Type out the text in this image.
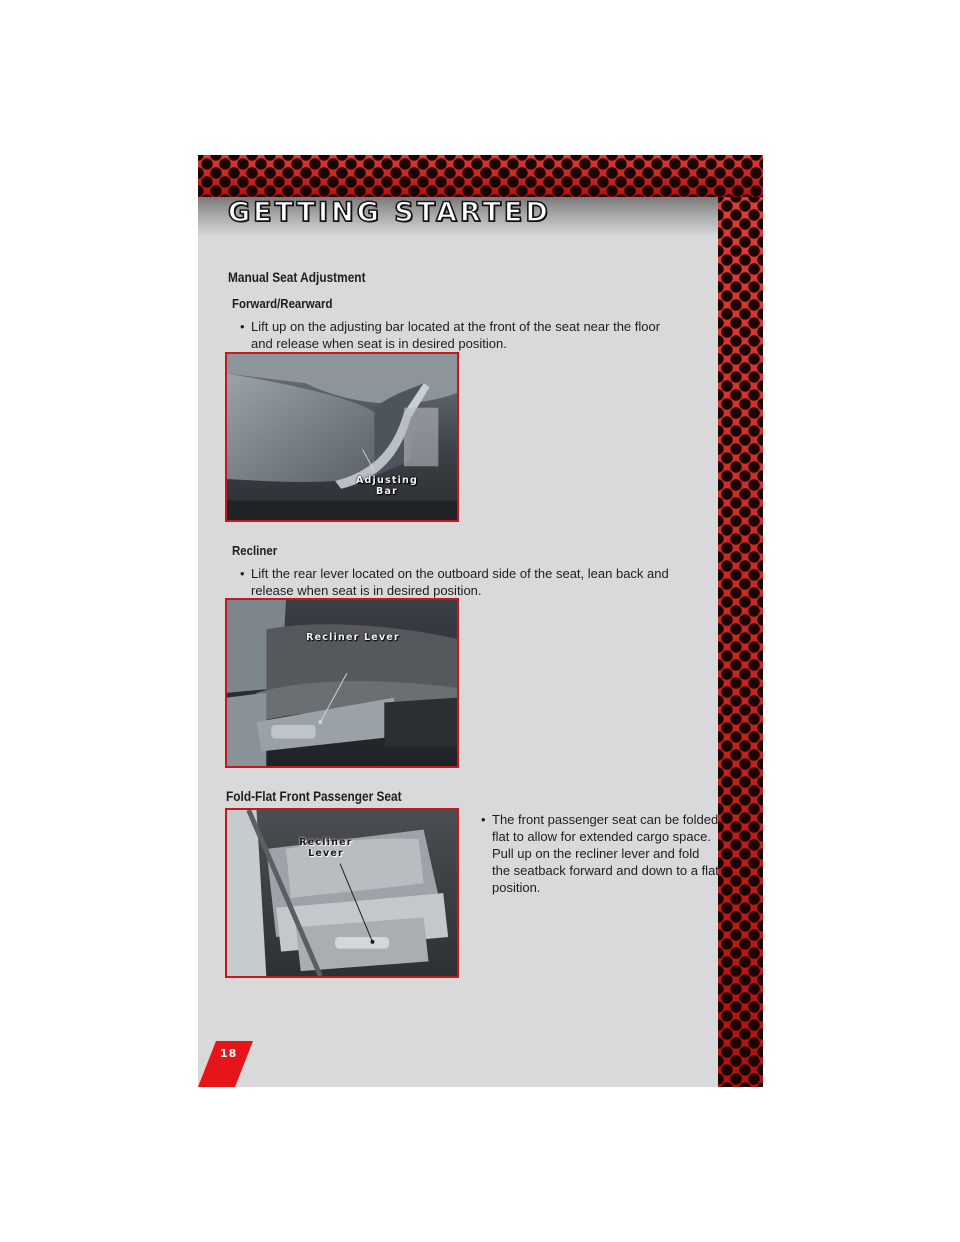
GETTING STARTED
Manual Seat Adjustment
Forward/Rearward

• Lift up on the adjusting bar located at the front of the seat near the floor and release when seat is in desired position.

Adjusting Bar

Recliner

• Lift the rear lever located on the outboard side of the seat, lean back and release when seat is in desired position.

Recliner Lever

Fold-Flat Front Passenger Seat

• The front passenger seat can be folded flat to allow for extended cargo space. Pull up on the recliner lever and fold the seatback forward and down to a flat position.

Recliner Lever

18
